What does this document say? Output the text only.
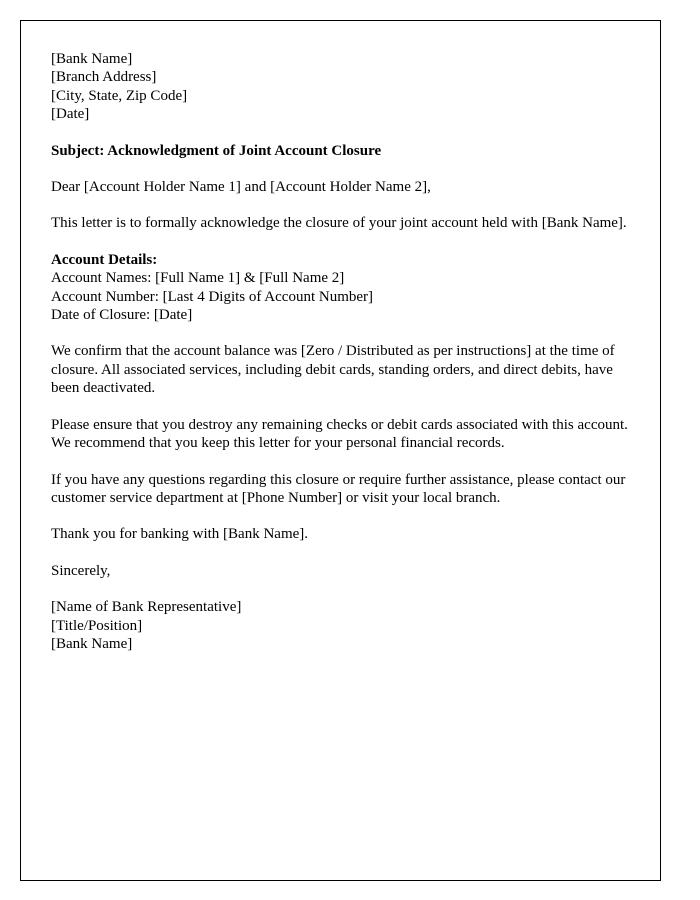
[Bank Name]
[Branch Address]
[City, State, Zip Code]
[Date]

Subject: Acknowledgment of Joint Account Closure

Dear [Account Holder Name 1] and [Account Holder Name 2],

This letter is to formally acknowledge the closure of your joint account held with [Bank Name].

Account Details:
Account Names: [Full Name 1] & [Full Name 2]
Account Number: [Last 4 Digits of Account Number]
Date of Closure: [Date]

We confirm that the account balance was [Zero / Distributed as per instructions] at the time of closure. All associated services, including debit cards, standing orders, and direct debits, have been deactivated.

Please ensure that you destroy any remaining checks or debit cards associated with this account. We recommend that you keep this letter for your personal financial records.

If you have any questions regarding this closure or require further assistance, please contact our customer service department at [Phone Number] or visit your local branch.

Thank you for banking with [Bank Name].

Sincerely,

[Name of Bank Representative]
[Title/Position]
[Bank Name]
